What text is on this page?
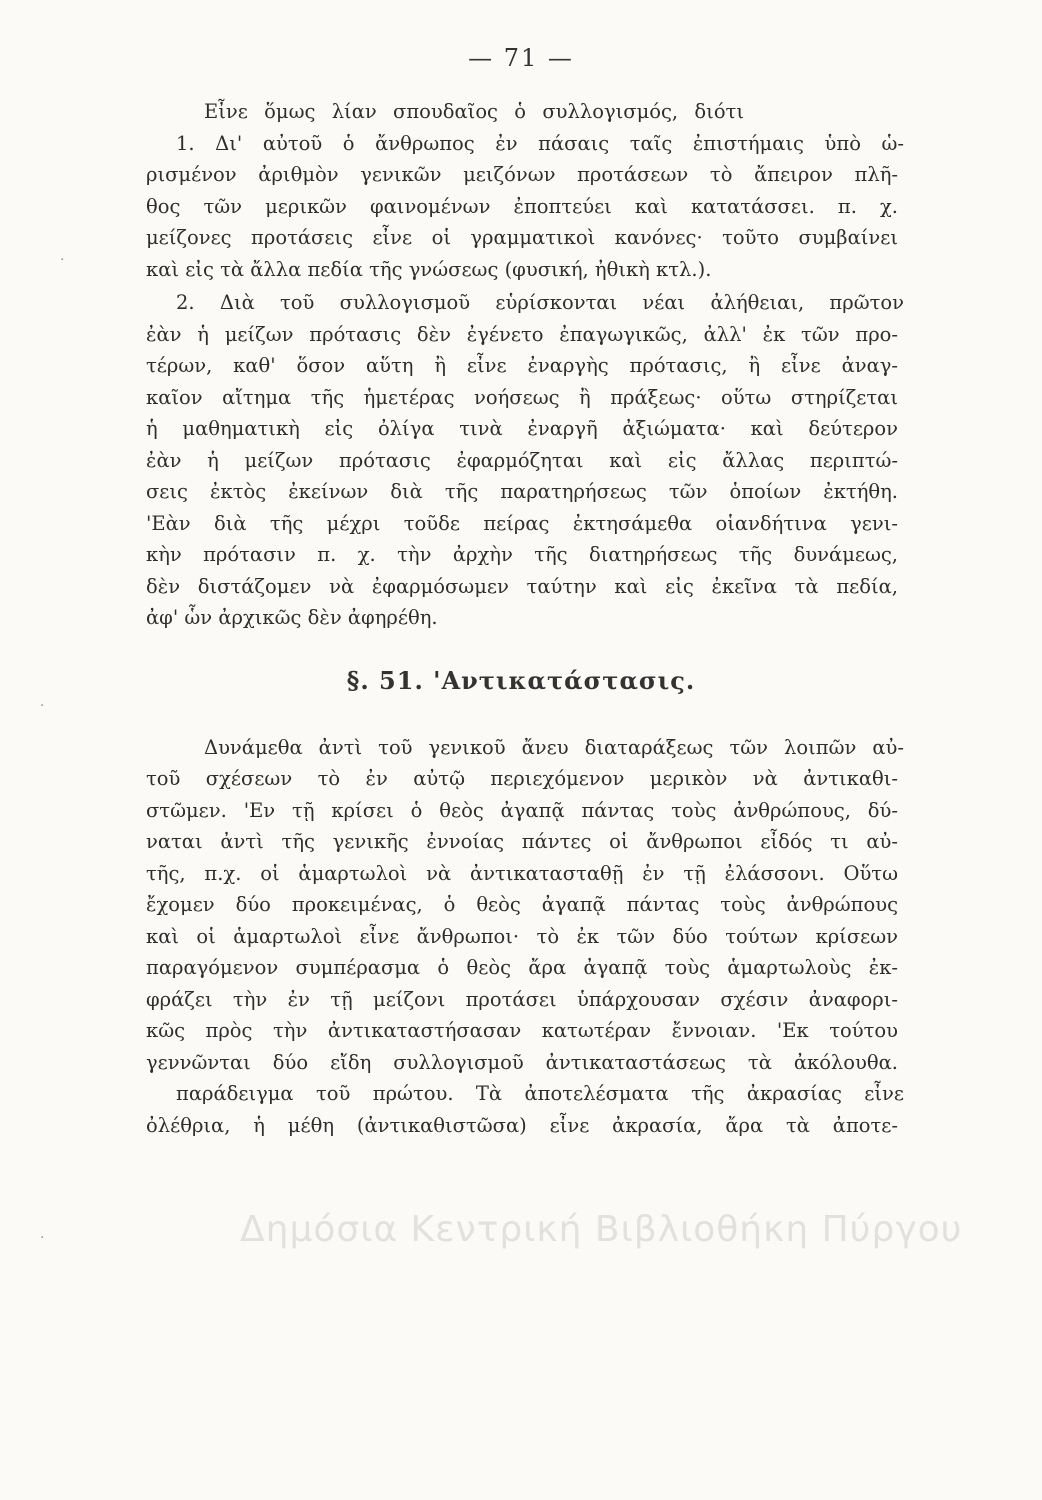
— 71 —
Εἶνε ὅμως λίαν σπουδαῖος ὁ συλλογισμός, διότι
1. Δι' αὐτοῦ ὁ ἄνθρωπος ἐν πάσαις ταῖς ἐπιστήμαις ὑπὸ ὡ-
ρισμένον ἀριθμὸν γενικῶν μειζόνων προτάσεων τὸ ἄπειρον πλῆ-
θος τῶν μερικῶν φαινομένων ἐποπτεύει καὶ κατατάσσει. π. χ.
μείζονες προτάσεις εἶνε οἱ γραμματικοὶ κανόνες· τοῦτο συμβαίνει
καὶ εἰς τὰ ἄλλα πεδία τῆς γνώσεως (φυσική, ἠθικὴ κτλ.).
2. Διὰ τοῦ συλλογισμοῦ εὑρίσκονται νέαι ἀλήθειαι, πρῶτον
ἐὰν ἡ μείζων πρότασις δὲν ἐγένετο ἐπαγωγικῶς, ἀλλ' ἐκ τῶν προ-
τέρων, καθ' ὅσον αὕτη ἢ εἶνε ἐναργὴς πρότασις, ἢ εἶνε ἀναγ-
καῖον αἴτημα τῆς ἡμετέρας νοήσεως ἢ πράξεως· οὕτω στηρίζεται
ἡ μαθηματικὴ εἰς ὀλίγα τινὰ ἐναργῆ ἀξιώματα· καὶ δεύτερον
ἐὰν ἡ μείζων πρότασις ἐφαρμόζηται καὶ εἰς ἄλλας περιπτώ-
σεις ἐκτὸς ἐκείνων διὰ τῆς παρατηρήσεως τῶν ὁποίων ἐκτήθη.
'Εὰν διὰ τῆς μέχρι τοῦδε πείρας ἐκτησάμεθα οἱανδήτινα γενι-
κὴν πρότασιν π. χ. τὴν ἀρχὴν τῆς διατηρήσεως τῆς δυνάμεως,
δὲν διστάζομεν νὰ ἐφαρμόσωμεν ταύτην καὶ εἰς ἐκεῖνα τὰ πεδία,
ἀφ' ὧν ἀρχικῶς δὲν ἀφηρέθη.
§. 51. 'Αντικατάστασις.
Δημόσια Κεντρική Βιβλιοθήκη Πύργου
Δυνάμεθα ἀντὶ τοῦ γενικοῦ ἄνευ διαταράξεως τῶν λοιπῶν αὐ-
τοῦ σχέσεων τὸ ἐν αὐτῷ περιεχόμενον μερικὸν νὰ ἀντικαθι-
στῶμεν. 'Εν τῇ κρίσει ὁ θεὸς ἀγαπᾷ πάντας τοὺς ἀνθρώπους, δύ-
ναται ἀντὶ τῆς γενικῆς ἐννοίας πάντες οἱ ἄνθρωποι εἶδός τι αὐ-
τῆς, π.χ. οἱ ἁμαρτωλοὶ νὰ ἀντικατασταθῇ ἐν τῇ ἐλάσσονι. Οὕτω
ἔχομεν δύο προκειμένας, ὁ θεὸς ἀγαπᾷ πάντας τοὺς ἀνθρώπους
καὶ οἱ ἁμαρτωλοὶ εἶνε ἄνθρωποι· τὸ ἐκ τῶν δύο τούτων κρίσεων
παραγόμενον συμπέρασμα ὁ θεὸς ἄρα ἀγαπᾷ τοὺς ἁμαρτωλοὺς ἐκ-
φράζει τὴν ἐν τῇ μείζονι προτάσει ὑπάρχουσαν σχέσιν ἀναφορι-
κῶς πρὸς τὴν ἀντικαταστήσασαν κατωτέραν ἔννοιαν. 'Εκ τούτου
γεννῶνται δύο εἴδη συλλογισμοῦ ἀντικαταστάσεως τὰ ἀκόλουθα.
παράδειγμα τοῦ πρώτου. Τὰ ἀποτελέσματα τῆς ἀκρασίας εἶνε
ὀλέθρια, ἡ μέθη (ἀντικαθιστῶσα) εἶνε ἀκρασία, ἄρα τὰ ἀποτε-
·
·
·
